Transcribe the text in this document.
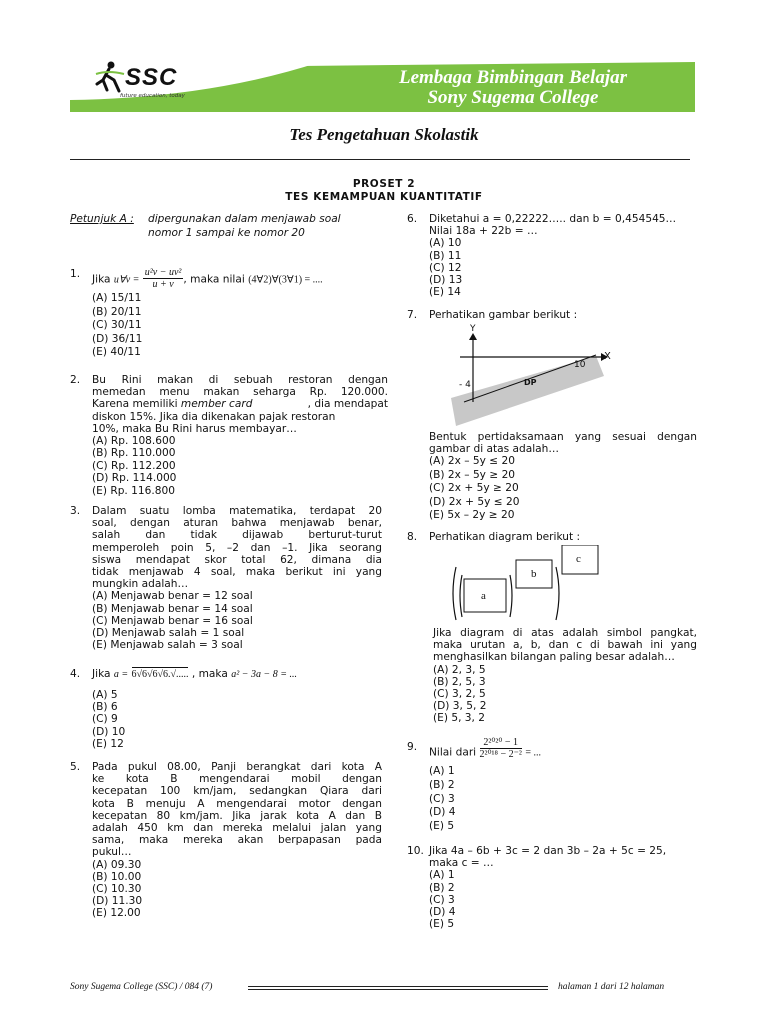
SSC
future education, today
Lembaga Bimbingan Belajar
Sony Sugema College
Tes Pengetahuan Skolastik
PROSET 2
TES KEMAMPUAN KUANTITATIF
Petunjuk A : dipergunakan dalam menjawab soal
nomor 1 sampai ke nomor 20
1. Jika u∀v = $\frac{\text{u²v − uv²}}{u + v}$ , maka nilai (4∀2)∀(3∀1) = ....
(A) 15/11
(B) 20/11
(C) 30/11
(D) 36/11
(E) 40/11
2. Bu Rini makan di sebuah restoran dengan
memedan menu makan seharga Rp. 120.000.
Karena memiliki member card	, dia mendapat
diskon 15%. Jika dia dikenakan pajak restoran
10%, maka Bu Rini harus membayar…
(A) Rp. 108.600
(B) Rp. 110.000
(C) Rp. 112.200
(D) Rp. 114.000
(E) Rp. 116.800
3. Dalam suatu lomba matematika, terdapat 20
soal, dengan aturan bahwa menjawab benar,
salah dan tidak dijawab berturut-turut
memperoleh poin 5, –2 dan –1. Jika seorang
siswa mendapat skor total 62, dimana dia
tidak menjawab 4 soal, maka berikut ini yang
mungkin adalah…
(A) Menjawab benar = 12 soal
(B) Menjawab benar = 14 soal
(C) Menjawab benar = 16 soal
(D) Menjawab salah = 1 soal
(E) Menjawab salah = 3 soal
4. Jika a = 6√6√6√6.√..... , maka a² − 3a − 8 = ...
(A) 5
(B) 6
(C) 9
(D) 10
(E) 12
5. Pada pukul 08.00, Panji berangkat dari kota A
ke kota B mengendarai mobil dengan
kecepatan 100 km/jam, sedangkan Qiara dari
kota B menuju A mengendarai motor dengan
kecepatan 80 km/jam. Jika jarak kota A dan B
adalah 450 km dan mereka melalui jalan yang
sama, maka mereka akan berpapasan pada
pukul…
(A) 09.30
(B) 10.00
(C) 10.30
(D) 11.30
(E) 12.00
6. Diketahui a = 0,22222….. dan b = 0,454545…
Nilai 18a + 22b = …
(A) 10
(B) 11
(C) 12
(D) 13
(E) 14
7. Perhatikan gambar berikut :
Y
X
10
- 4	DP
Bentuk pertidaksamaan yang sesuai dengan
gambar di atas adalah…
(A) 2x – 5y ≤ 20
(B) 2x – 5y ≥ 20
(C) 2x + 5y ≥ 20
(D) 2x + 5y ≤ 20
(E) 5x – 2y ≥ 20
8. Perhatikan diagram berikut :
a
b
c
Jika diagram di atas adalah simbol pangkat,
maka urutan a, b, dan c di bawah ini yang
menghasilkan bilangan paling besar adalah…
(A) 2, 3, 5
(B) 2, 5, 3
(C) 3, 2, 5
(D) 3, 5, 2
(E) 5, 3, 2
9. Nilai dari $\frac{\text{2²⁰²⁰ − 1}}{\text{2²⁰¹⁸ − 2⁻²}}$ = ...
(A) 1
(B) 2
(C) 3
(D) 4
(E) 5
10. Jika 4a – 6b + 3c = 2 dan 3b – 2a + 5c = 25,
maka c = …
(A) 1
(B) 2
(C) 3
(D) 4
(E) 5
Sony Sugema College (SSC) / 084 (7)	halaman 1 dari 12 halaman
